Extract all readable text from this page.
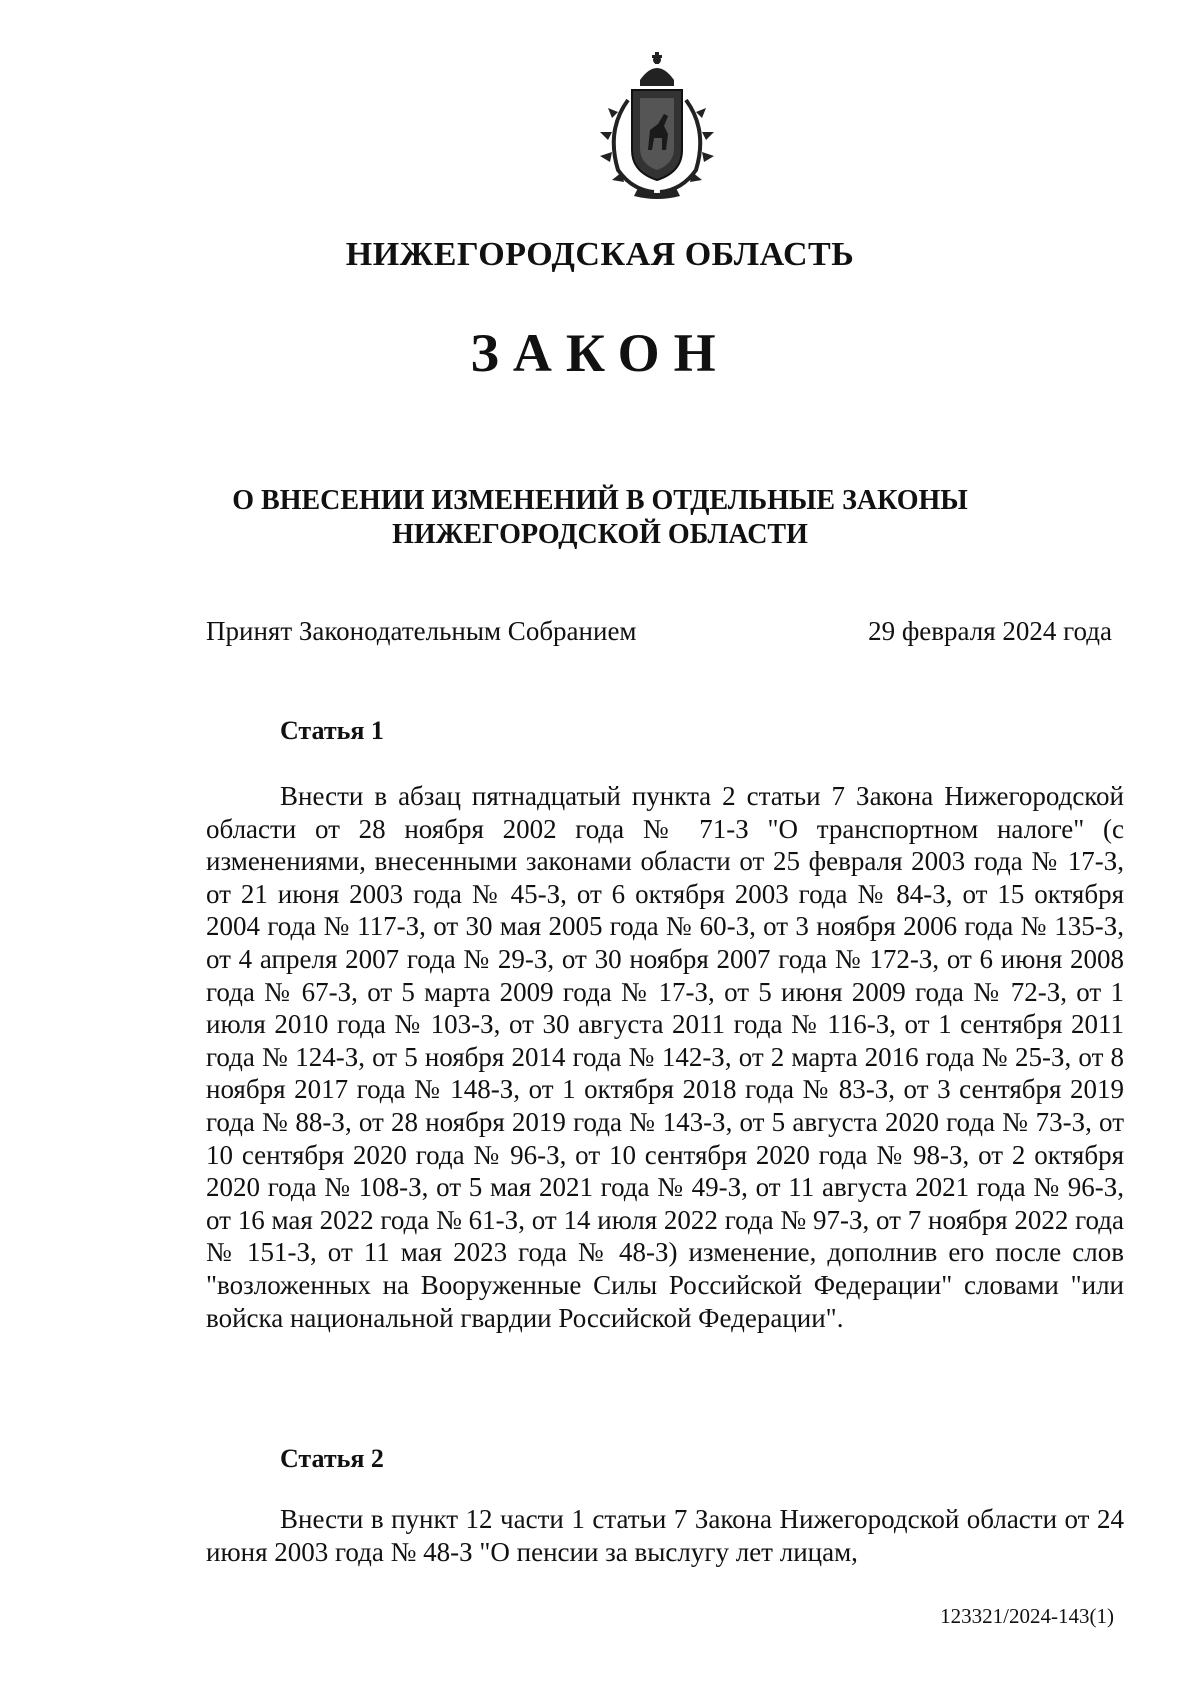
НИЖЕГОРОДСКАЯ ОБЛАСТЬ
ЗАКОН
О ВНЕСЕНИИ ИЗМЕНЕНИЙ В ОТДЕЛЬНЫЕ ЗАКОНЫ
НИЖЕГОРОДСКОЙ ОБЛАСТИ
Принят Законодательным Собранием	29 февраля 2024 года
Статья 1

Внести в абзац пятнадцатый пункта 2 статьи 7 Закона Нижегородской области от 28 ноября 2002 года № 71-З "О транспортном налоге" (с изменениями, внесенными законами области от 25 февраля 2003 года № 17-З, от 21 июня 2003 года № 45-З, от 6 октября 2003 года № 84-З, от 15 октября 2004 года № 117-З, от 30 мая 2005 года № 60-З, от 3 ноября 2006 года № 135-З, от 4 апреля 2007 года № 29-З, от 30 ноября 2007 года № 172-З, от 6 июня 2008 года № 67-З, от 5 марта 2009 года № 17-З, от 5 июня 2009 года № 72-З, от 1 июля 2010 года № 103-З, от 30 августа 2011 года № 116-З, от 1 сентября 2011 года № 124-З, от 5 ноября 2014 года № 142-З, от 2 марта 2016 года № 25-З, от 8 ноября 2017 года № 148-З, от 1 октября 2018 года № 83-З, от 3 сентября 2019 года № 88-З, от 28 ноября 2019 года № 143-З, от 5 августа 2020 года № 73-З, от 10 сентября 2020 года № 96-З, от 10 сентября 2020 года № 98-З, от 2 октября 2020 года № 108-З, от 5 мая 2021 года № 49-З, от 11 августа 2021 года № 96-З, от 16 мая 2022 года № 61-З, от 14 июля 2022 года № 97-З, от 7 ноября 2022 года № 151-З, от 11 мая 2023 года № 48-З) изменение, дополнив его после слов "возложенных на Вооруженные Силы Российской Федерации" словами "или войска национальной гвардии Российской Федерации".

Статья 2

Внести в пункт 12 части 1 статьи 7 Закона Нижегородской области от 24 июня 2003 года № 48-З "О пенсии за выслугу лет лицам,

123321/2024-143(1)
